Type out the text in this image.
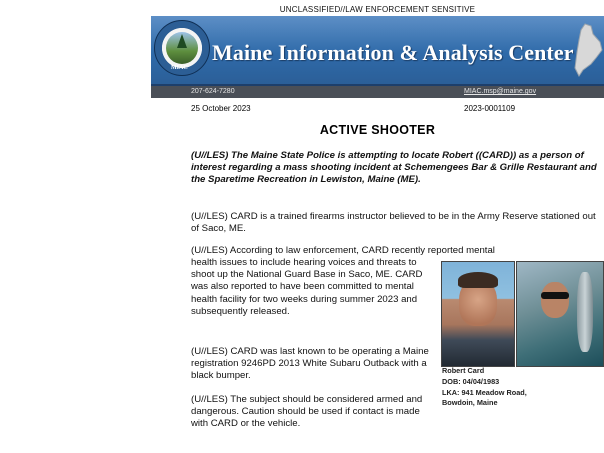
UNCLASSIFIED//LAW ENFORCEMENT SENSITIVE
MIAC
Maine Information & Analysis Center
207-624-7280	MIAC.msp@maine.gov
25 October 2023	2023-0001109
ACTIVE SHOOTER
(U//LES) The Maine State Police is attempting to locate Robert ((CARD)) as a person of interest regarding a mass shooting incident at Schemengees Bar & Grille Restaurant and the Sparetime Recreation in Lewiston, Maine (ME).
(U//LES) CARD is a trained firearms instructor believed to be in the Army Reserve stationed out of Saco, ME.
(U//LES) According to law enforcement, CARD recently reported mental
health issues to include hearing voices and threats to shoot up the National Guard Base in Saco, ME. CARD was also reported to have been committed to mental health facility for two weeks during summer 2023 and subsequently released.
(U//LES) CARD was last known to be operating a Maine registration 9246PD 2013 White Subaru Outback with a black bumper.
(U//LES) The subject should be considered armed and dangerous. Caution should be used if contact is made with CARD or the vehicle.
Robert Card
DOB: 04/04/1983
LKA: 941 Meadow Road,
Bowdoin, Maine
